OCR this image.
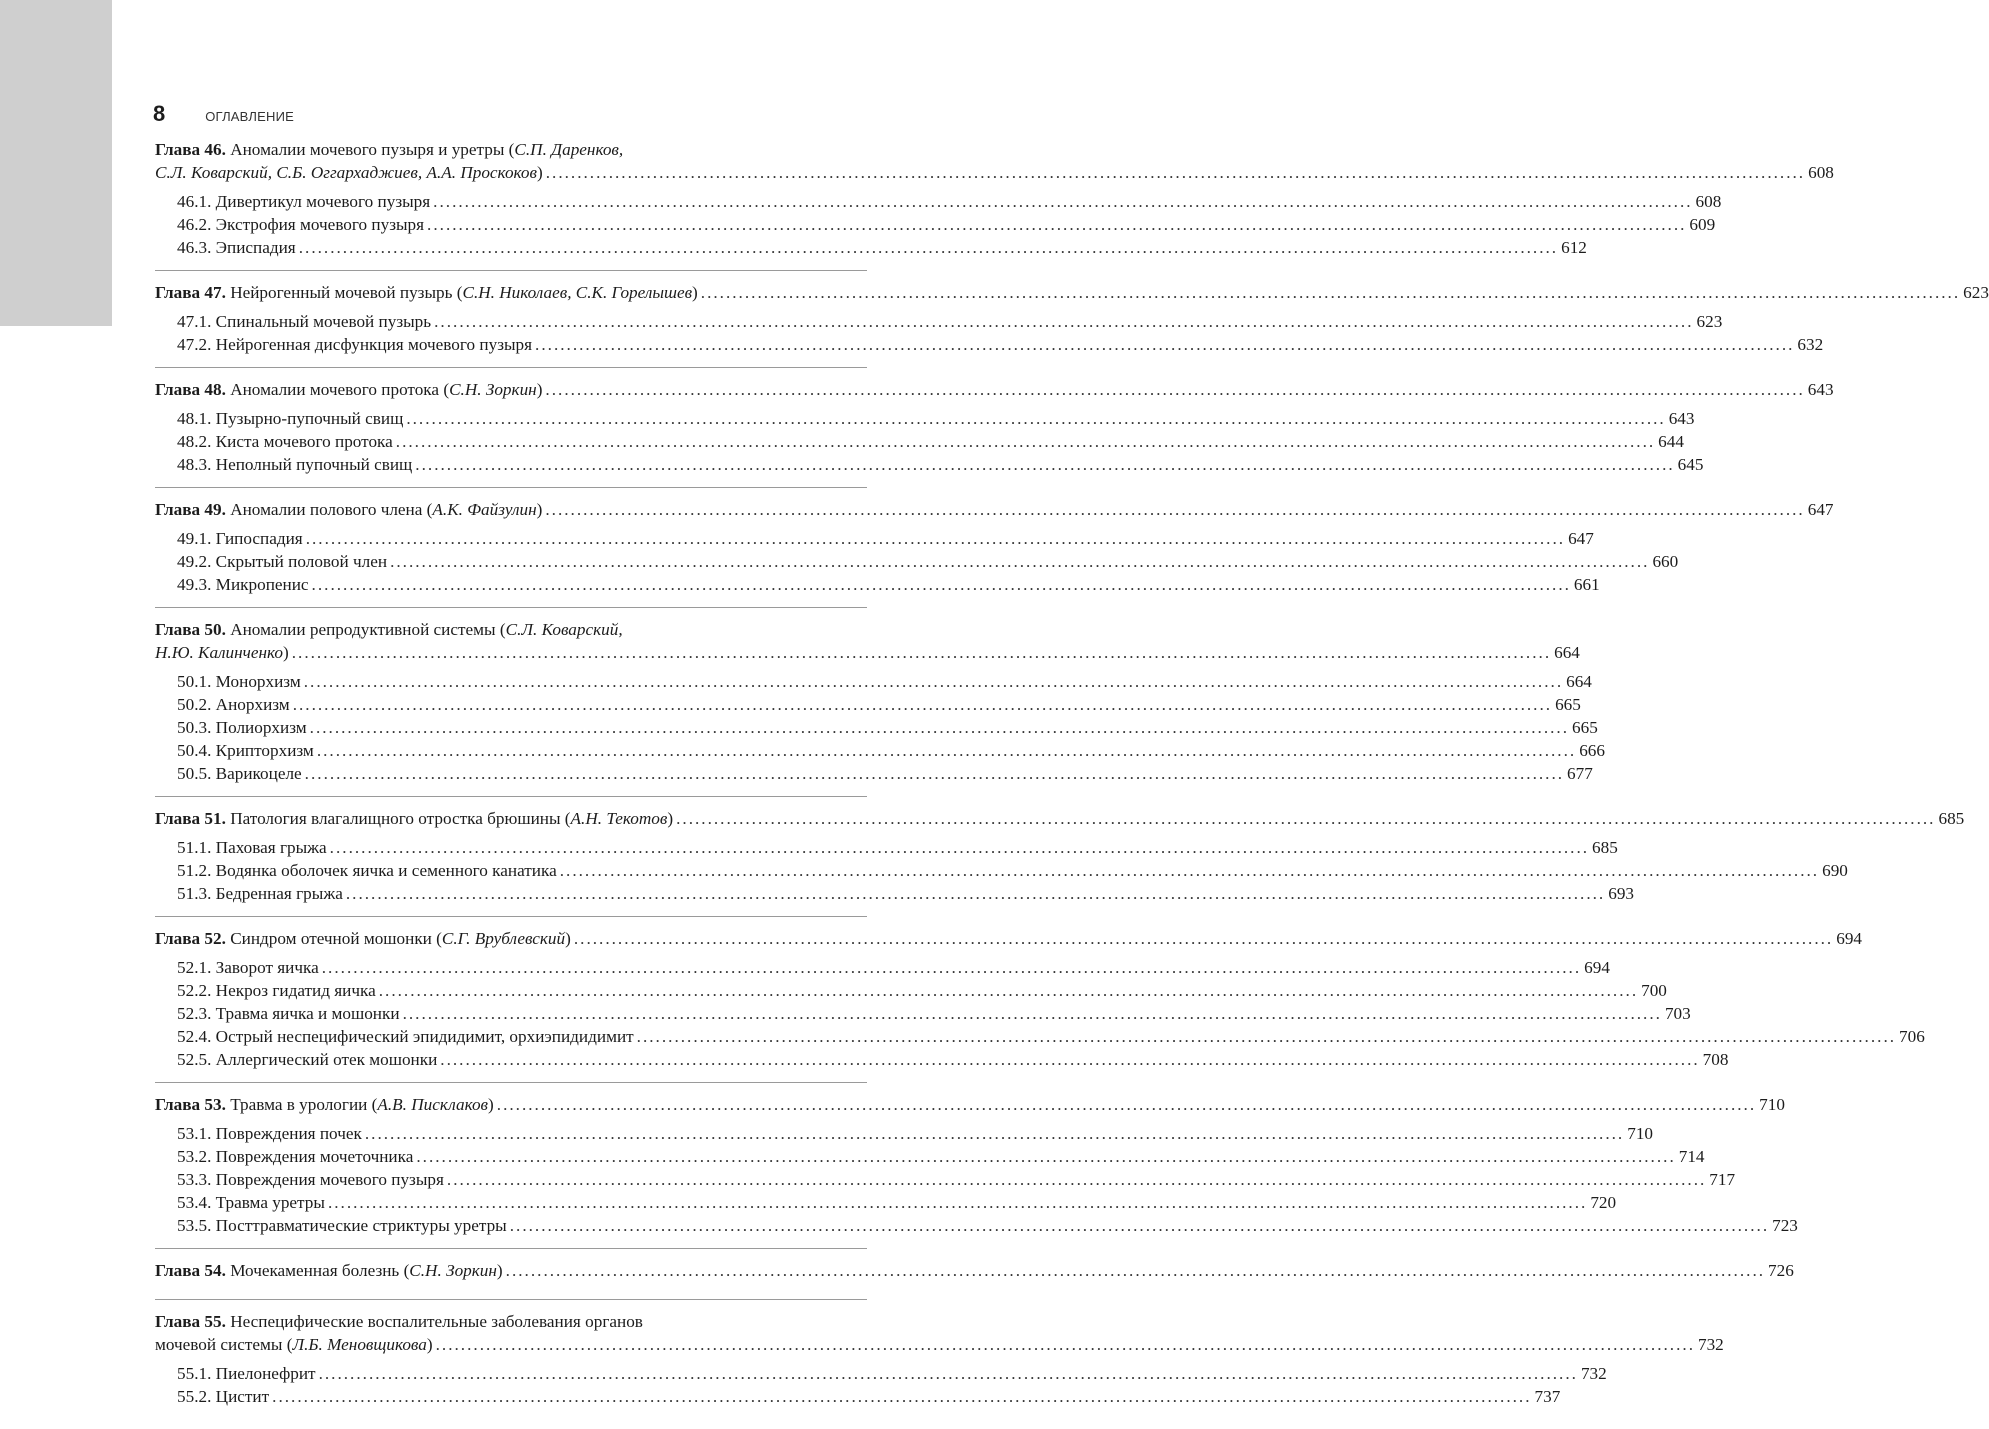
8	ОГЛАВЛЕНИЕ
Глава 46. Аномалии мочевого пузыря и уретры (С.П. Даренков,
С.Л. Коварский, С.Б. Оггархаджиев, А.А. Проскоков) ........................................................................................................................................................................................................ 608
46.1. Дивертикул мочевого пузыря ........................................................................................................................................................................................................ 608
46.2. Экстрофия мочевого пузыря ........................................................................................................................................................................................................ 609
46.3. Эписпадия ........................................................................................................................................................................................................ 612
Глава 47. Нейрогенный мочевой пузырь (С.Н. Николаев, С.К. Горелышев) ........................................................................................................................................................................................................ 623
47.1. Спинальный мочевой пузырь ........................................................................................................................................................................................................ 623
47.2. Нейрогенная дисфункция мочевого пузыря ........................................................................................................................................................................................................ 632
Глава 48. Аномалии мочевого протока (С.Н. Зоркин) ........................................................................................................................................................................................................ 643
48.1. Пузырно-пупочный свищ ........................................................................................................................................................................................................ 643
48.2. Киста мочевого протока ........................................................................................................................................................................................................ 644
48.3. Неполный пупочный свищ ........................................................................................................................................................................................................ 645
Глава 49. Аномалии полового члена (А.К. Файзулин) ........................................................................................................................................................................................................ 647
49.1. Гипоспадия ........................................................................................................................................................................................................ 647
49.2. Скрытый половой член ........................................................................................................................................................................................................ 660
49.3. Микропенис ........................................................................................................................................................................................................ 661
Глава 50. Аномалии репродуктивной системы (С.Л. Коварский,
Н.Ю. Калинченко) ........................................................................................................................................................................................................ 664
50.1. Монорхизм ........................................................................................................................................................................................................ 664
50.2. Анорхизм ........................................................................................................................................................................................................ 665
50.3. Полиорхизм ........................................................................................................................................................................................................ 665
50.4. Крипторхизм ........................................................................................................................................................................................................ 666
50.5. Варикоцеле ........................................................................................................................................................................................................ 677
Глава 51. Патология влагалищного отростка брюшины (А.Н. Текотов) ........................................................................................................................................................................................................ 685
51.1. Паховая грыжа ........................................................................................................................................................................................................ 685
51.2. Водянка оболочек яичка и семенного канатика ........................................................................................................................................................................................................ 690
51.3. Бедренная грыжа ........................................................................................................................................................................................................ 693
Глава 52. Синдром отечной мошонки (С.Г. Врублевский) ........................................................................................................................................................................................................ 694
52.1. Заворот яичка ........................................................................................................................................................................................................ 694
52.2. Некроз гидатид яичка ........................................................................................................................................................................................................ 700
52.3. Травма яичка и мошонки ........................................................................................................................................................................................................ 703
52.4. Острый неспецифический эпидидимит, орхиэпидидимит ........................................................................................................................................................................................................ 706
52.5. Аллергический отек мошонки ........................................................................................................................................................................................................ 708
Глава 53. Травма в урологии (А.В. Писклаков) ........................................................................................................................................................................................................ 710
53.1. Повреждения почек ........................................................................................................................................................................................................ 710
53.2. Повреждения мочеточника ........................................................................................................................................................................................................ 714
53.3. Повреждения мочевого пузыря ........................................................................................................................................................................................................ 717
53.4. Травма уретры ........................................................................................................................................................................................................ 720
53.5. Посттравматические стриктуры уретры ........................................................................................................................................................................................................ 723
Глава 54. Мочекаменная болезнь (С.Н. Зоркин) ........................................................................................................................................................................................................ 726
Глава 55. Неспецифические воспалительные заболевания органов
мочевой системы (Л.Б. Меновщикова) ........................................................................................................................................................................................................ 732
55.1. Пиелонефрит ........................................................................................................................................................................................................ 732
55.2. Цистит ........................................................................................................................................................................................................ 737
